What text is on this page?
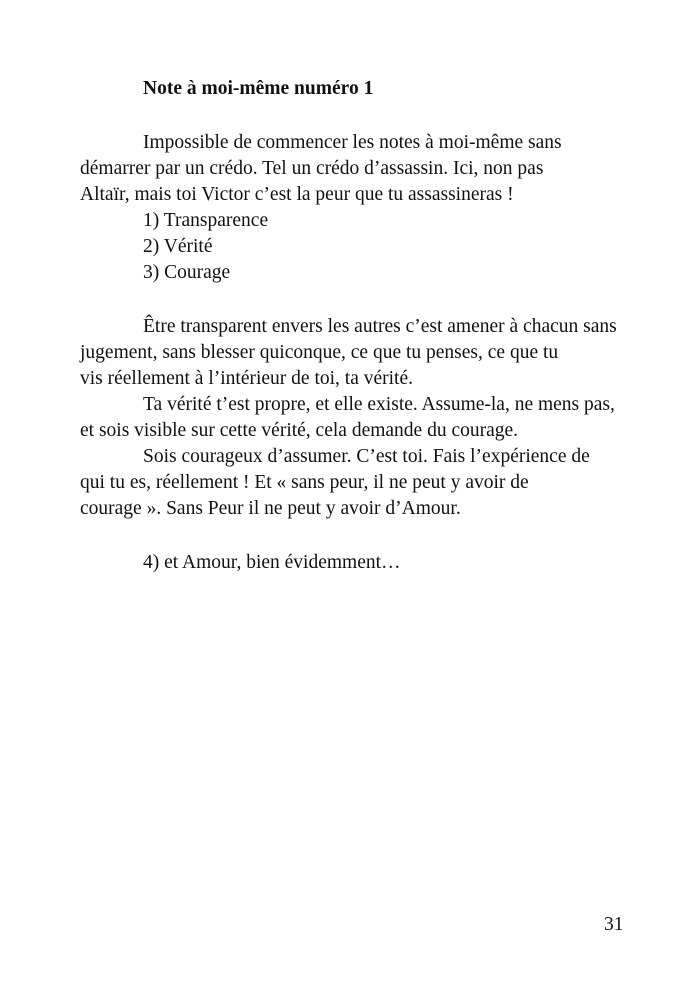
Note à moi-même numéro 1
Impossible de commencer les notes à moi-même sans
démarrer par un crédo. Tel un crédo d’assassin. Ici, non pas
Altaïr, mais toi Victor c’est la peur que tu assassineras !
1) Transparence
2) Vérité
3) Courage
Être transparent envers les autres c’est amener à chacun sans
jugement, sans blesser quiconque, ce que tu penses, ce que tu
vis réellement à l’intérieur de toi, ta vérité.
Ta vérité t’est propre, et elle existe. Assume-la, ne mens pas,
et sois visible sur cette vérité, cela demande du courage.
Sois courageux d’assumer. C’est toi. Fais l’expérience de
qui tu es, réellement ! Et « sans peur, il ne peut y avoir de
courage ». Sans Peur il ne peut y avoir d’Amour.
4) et Amour, bien évidemment…
31
